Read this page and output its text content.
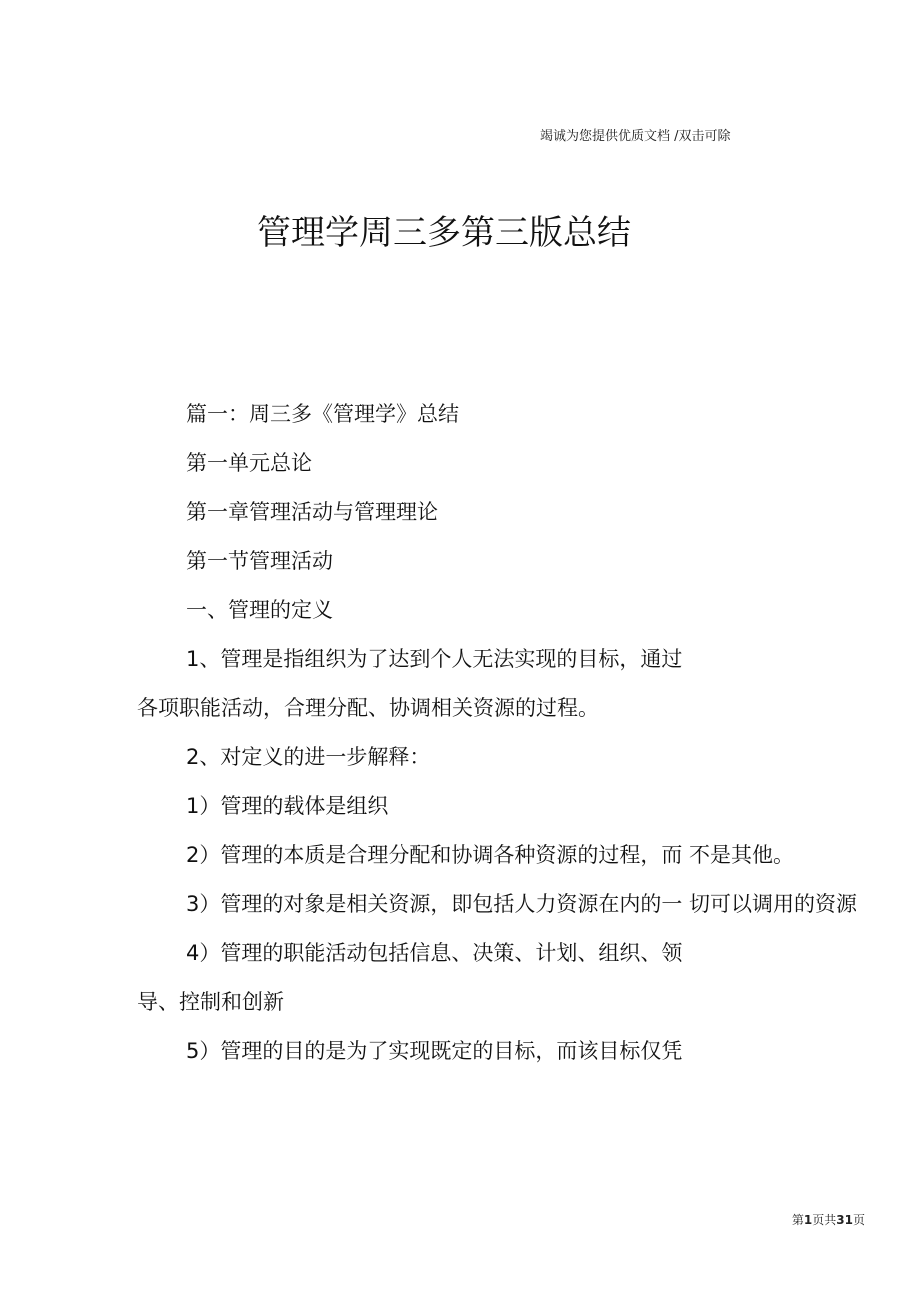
竭诚为您提供优质文档 /双击可除
管理学周三多第三版总结
篇一：周三多《管理学》总结
第一单元总论
第一章管理活动与管理理论
第一节管理活动
一、管理的定义
1、管理是指组织为了达到个人无法实现的目标，通过
各项职能活动，合理分配、协调相关资源的过程。
2、对定义的进一步解释：
1）管理的载体是组织
2）管理的本质是合理分配和协调各种资源的过程，而 不是其他。
3）管理的对象是相关资源，即包括人力资源在内的一 切可以调用的资源
4）管理的职能活动包括信息、决策、计划、组织、领
导、控制和创新
5）管理的目的是为了实现既定的目标，而该目标仅凭
第1页共31页
